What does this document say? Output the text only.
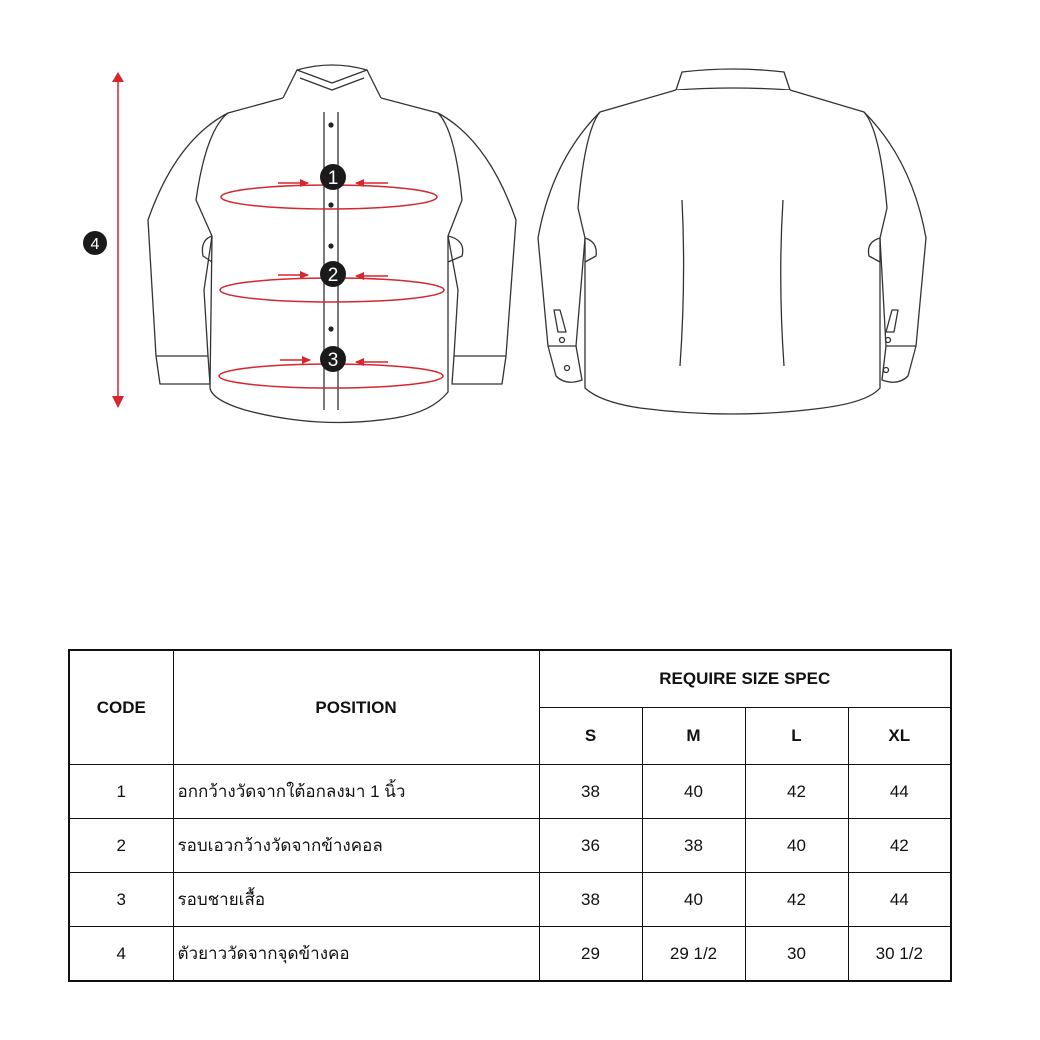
1
2
3
4
CODE	POSITION	REQUIRE SIZE SPEC			
		S	M	L	XL
1	อกกว้างวัดจากใต้อกลงมา 1 นิ้ว	38	40	42	44
2	รอบเอวกว้างวัดจากข้างคอล	36	38	40	42
3	รอบชายเสื้อ	38	40	42	44
4	ตัวยาววัดจากจุดข้างคอ	29	29 1/2	30	30 1/2
